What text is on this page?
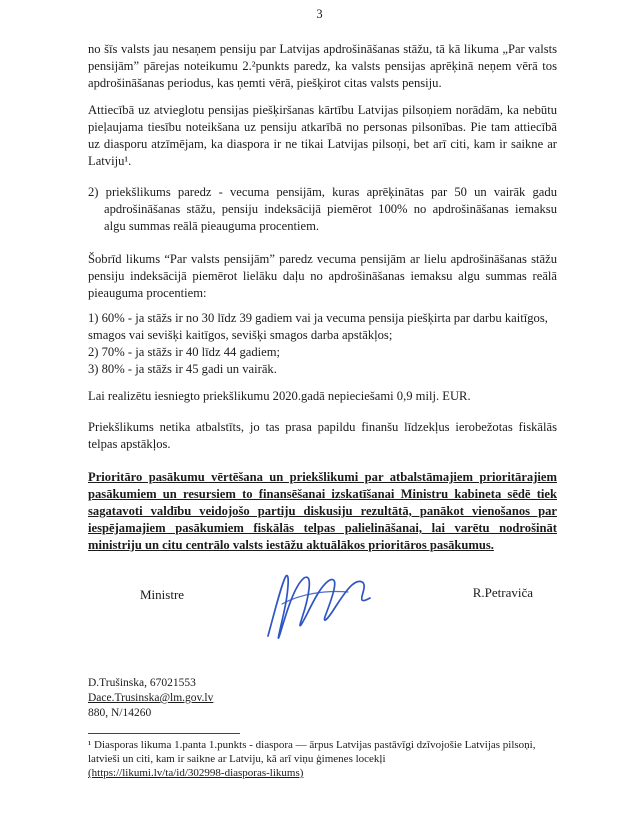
3

no šīs valsts jau nesaņem pensiju par Latvijas apdrošināšanas stāžu, tā kā likuma „Par valsts pensijām” pārejas noteikumu 2.²punkts paredz, ka valsts pensijas aprēķinā neņem vērā tos apdrošināšanas periodus, kas ņemti vērā, piešķirot citas valsts pensiju.

Attiecībā uz atvieglotu pensijas piešķiršanas kārtību Latvijas pilsoņiem norādām, ka nebūtu pieļaujama tiesību noteikšana uz pensiju atkarībā no personas pilsonības. Pie tam attiecībā uz diasporu atzīmējam, ka diaspora ir ne tikai Latvijas pilsoņi, bet arī citi, kam ir saikne ar Latviju¹.

2) priekšlikums paredz - vecuma pensijām, kuras aprēķinātas par 50 un vairāk gadu apdrošināšanas stāžu, pensiju indeksācijā piemērot 100% no apdrošināšanas iemaksu algu summas reālā pieauguma procentiem.

Šobrīd likums “Par valsts pensijām” paredz vecuma pensijām ar lielu apdrošināšanas stāžu pensiju indeksācijā piemērot lielāku daļu no apdrošināšanas iemaksu algu summas reālā pieauguma procentiem:

1) 60% - ja stāžs ir no 30 līdz 39 gadiem vai ja vecuma pensija piešķirta par darbu kaitīgos, smagos vai sevišķi kaitīgos, sevišķi smagos darba apstākļos;

2) 70% - ja stāžs ir 40 līdz 44 gadiem;

3) 80% - ja stāžs ir 45 gadi un vairāk.

Lai realizētu iesniegto priekšlikumu 2020.gadā nepieciešami 0,9 milj. EUR.

Priekšlikums netika atbalstīts, jo tas prasa papildu finanšu līdzekļus ierobežotas fiskālās telpas apstākļos.

Prioritāro pasākumu vērtēšana un priekšlikumi par atbalstāmajiem prioritārajiem pasākumiem un resursiem to finansēšanai izskatīšanai Ministru kabineta sēdē tiek sagatavoti valdību veidojošo partiju diskusiju rezultātā, panākot vienošanos par iespējamajiem pasākumiem fiskālās telpas palielināšanai, lai varētu nodrošināt ministriju un citu centrālo valsts iestāžu aktuālākos prioritāros pasākumus.

Ministre	R.Petraviča
D.Trušinska, 67021553
Dace.Trusinska@lm.gov.lv
880, N/14260
¹ Diasporas likuma 1.panta 1.punkts - diaspora — ārpus Latvijas pastāvīgi dzīvojošie Latvijas pilsoņi, latvieši un citi, kam ir saikne ar Latviju, kā arī viņu ģimenes locekļi (https://likumi.lv/ta/id/302998-diasporas-likums)
